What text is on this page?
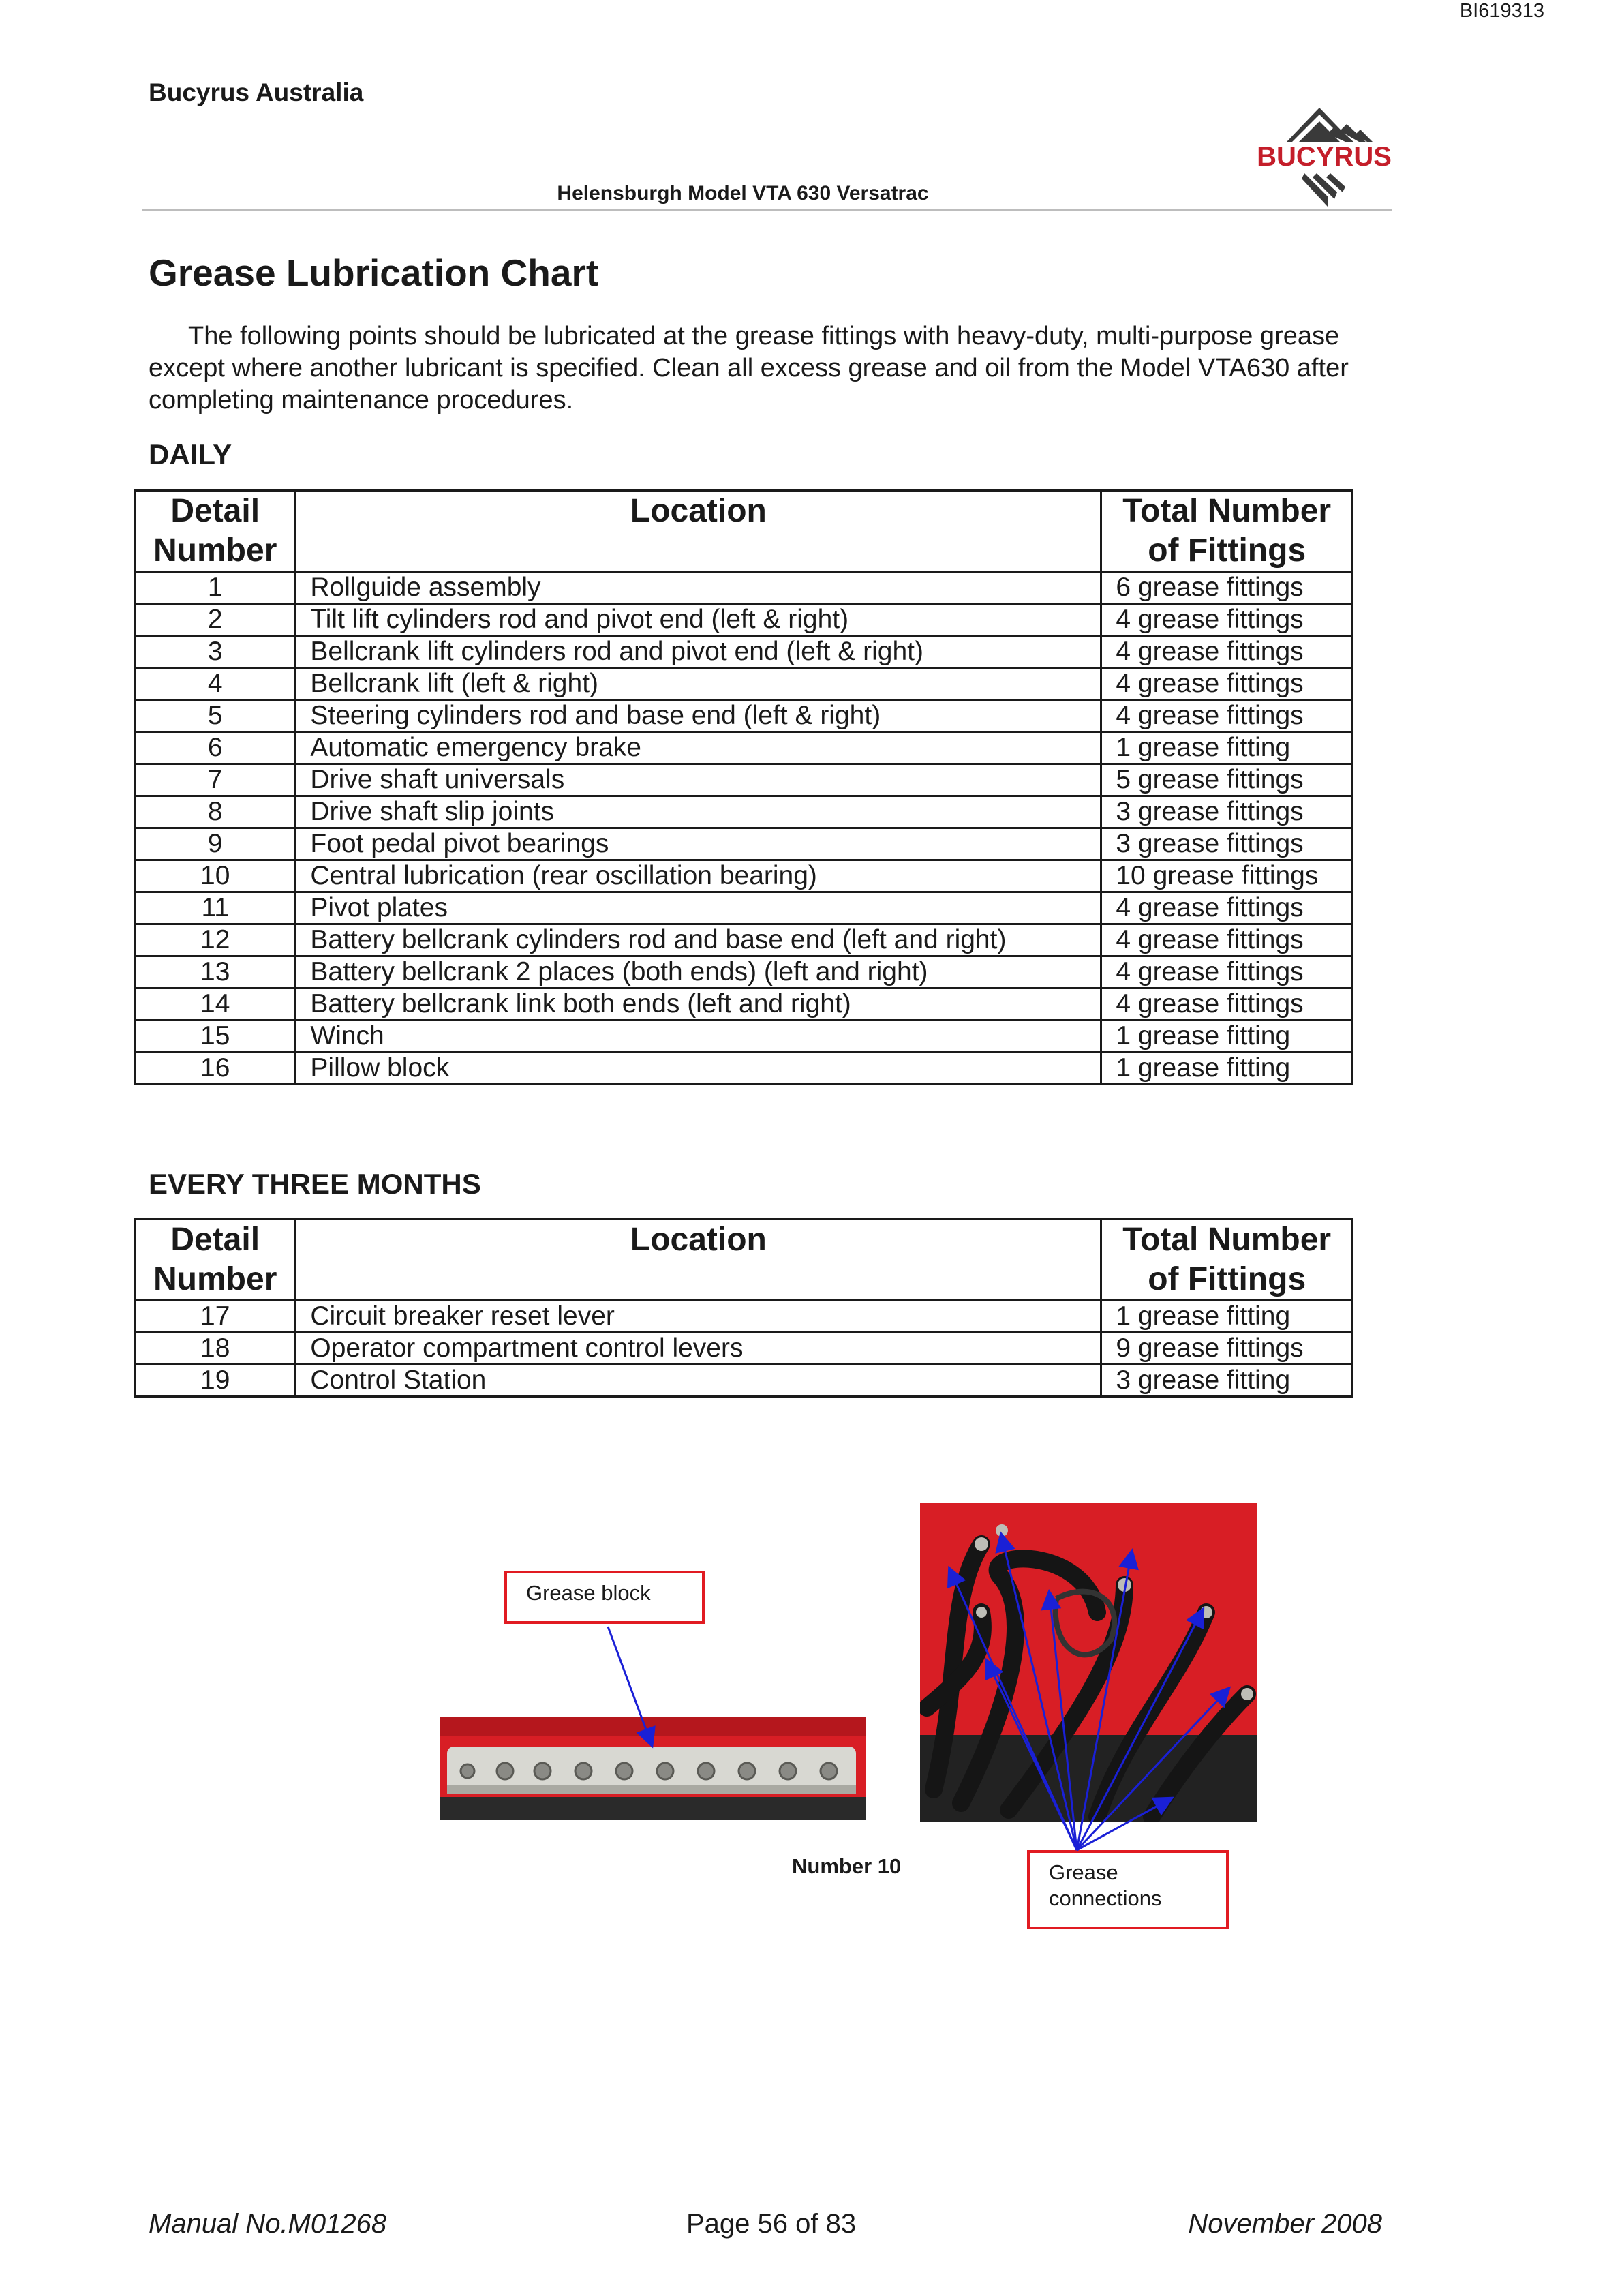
BI619313
Bucyrus Australia
Helensburgh Model VTA 630 Versatrac
BUCYRUS
Grease Lubrication Chart
The following points should be lubricated at the grease fittings with heavy-duty, multi-purpose grease except where another lubricant is specified. Clean all excess grease and oil from the Model VTA630 after completing maintenance procedures.
DAILY
Detail
Number	Location	Total Number
of Fittings
1	Rollguide assembly	6 grease fittings
2	Tilt lift cylinders rod and pivot end (left & right)	4 grease fittings
3	Bellcrank lift cylinders rod and pivot end (left & right)	4 grease fittings
4	Bellcrank lift (left & right)	4 grease fittings
5	Steering cylinders rod and base end (left & right)	4 grease fittings
6	Automatic emergency brake	1 grease fitting
7	Drive shaft universals	5 grease fittings
8	Drive shaft slip joints	3 grease fittings
9	Foot pedal pivot bearings	3 grease fittings
10	Central lubrication (rear oscillation bearing)	10 grease fittings
11	Pivot plates	4 grease fittings
12	Battery bellcrank cylinders rod and base end (left and right)	4 grease fittings
13	Battery bellcrank 2 places (both ends) (left and right)	4 grease fittings
14	Battery bellcrank link both ends (left and right)	4 grease fittings
15	Winch	1 grease fitting
16	Pillow block	1 grease fitting
EVERY THREE MONTHS
Detail
Number	Location	Total Number
of Fittings
17	Circuit breaker reset lever	1 grease fitting
18	Operator compartment control levers	9 grease fittings
19	Control Station	3 grease fitting
Grease block
Grease
connections
Number 10
Manual No.M01268	Page 56 of 83	November 2008
